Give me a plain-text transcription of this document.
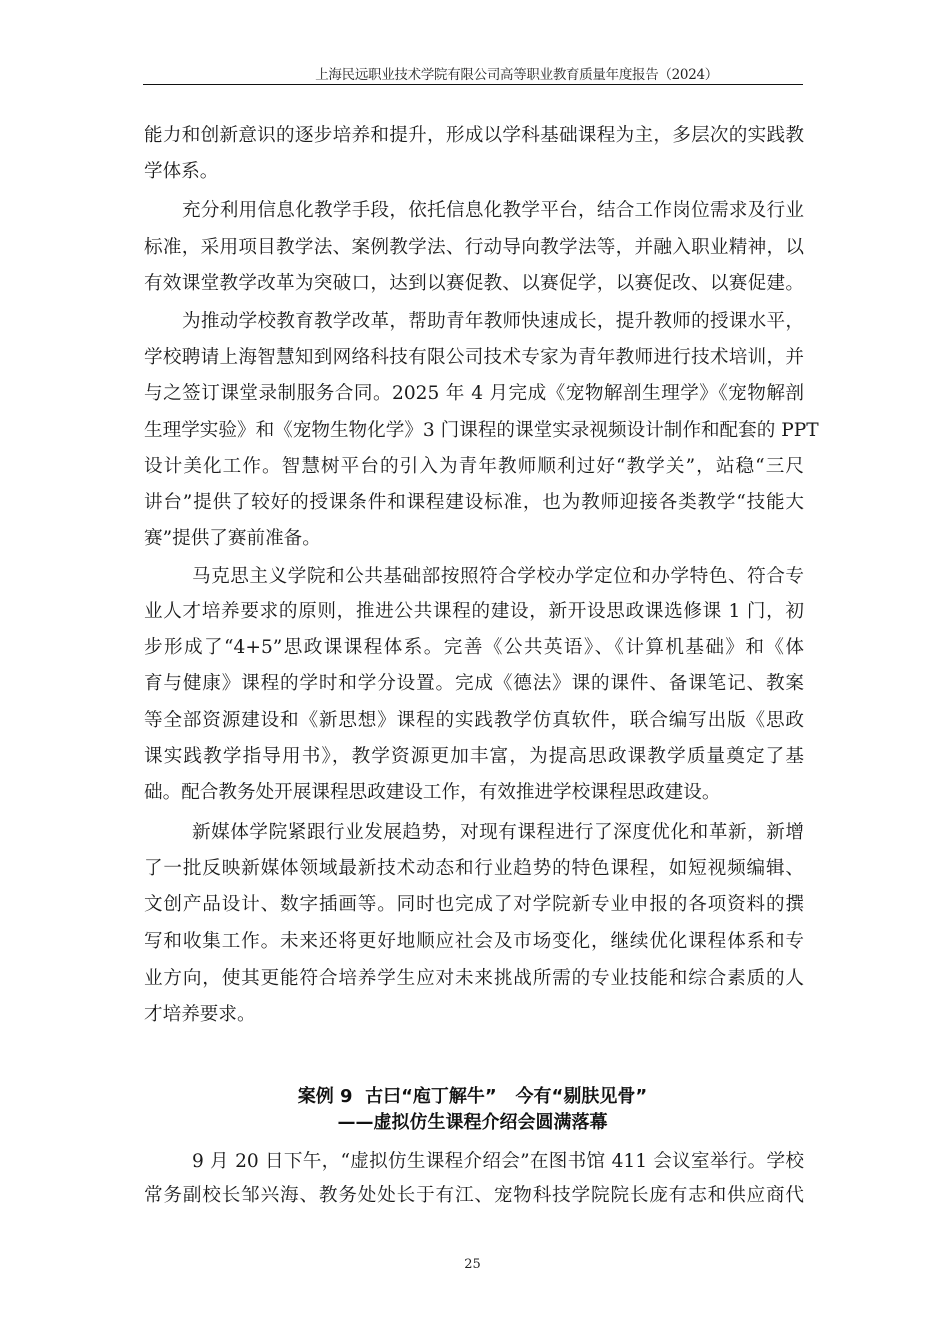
上海民远职业技术学院有限公司高等职业教育质量年度报告（2024）
能力和创新意识的逐步培养和提升，形成以学科基础课程为主，多层次的实践教
学体系。
充分利用信息化教学手段，依托信息化教学平台，结合工作岗位需求及行业
标准，采用项目教学法、案例教学法、行动导向教学法等，并融入职业精神，以
有效课堂教学改革为突破口，达到以赛促教、以赛促学，以赛促改、以赛促建。
为推动学校教育教学改革，帮助青年教师快速成长，提升教师的授课水平，
学校聘请上海智慧知到网络科技有限公司技术专家为青年教师进行技术培训，并
与之签订课堂录制服务合同。2025 年 4 月完成《宠物解剖生理学》《宠物解剖
生理学实验》和《宠物生物化学》3 门课程的课堂实录视频设计制作和配套的 PPT
设计美化工作。智慧树平台的引入为青年教师顺利过好“教学关”，站稳“三尺
讲台”提供了较好的授课条件和课程建设标准，也为教师迎接各类教学“技能大
赛”提供了赛前准备。
马克思主义学院和公共基础部按照符合学校办学定位和办学特色、符合专
业人才培养要求的原则，推进公共课程的建设，新开设思政课选修课 1 门，初
步形成了“4+5”思政课课程体系。完善《公共英语》、《计算机基础》和《体
育与健康》课程的学时和学分设置。完成《德法》课的课件、备课笔记、教案
等全部资源建设和《新思想》课程的实践教学仿真软件，联合编写出版《思政
课实践教学指导用书》，教学资源更加丰富，为提高思政课教学质量奠定了基
础。配合教务处开展课程思政建设工作，有效推进学校课程思政建设。
新媒体学院紧跟行业发展趋势，对现有课程进行了深度优化和革新，新增
了一批反映新媒体领域最新技术动态和行业趋势的特色课程，如短视频编辑、
文创产品设计、数字插画等。同时也完成了对学院新专业申报的各项资料的撰
写和收集工作。未来还将更好地顺应社会及市场变化，继续优化课程体系和专
业方向，使其更能符合培养学生应对未来挑战所需的专业技能和综合素质的人
才培养要求。
案例 9  古曰“庖丁解牛”   今有“剔肤见骨”
——虚拟仿生课程介绍会圆满落幕
9 月 20 日下午，“虚拟仿生课程介绍会”在图书馆 411 会议室举行。学校
常务副校长邹兴海、教务处处长于有江、宠物科技学院院长庞有志和供应商代
25
